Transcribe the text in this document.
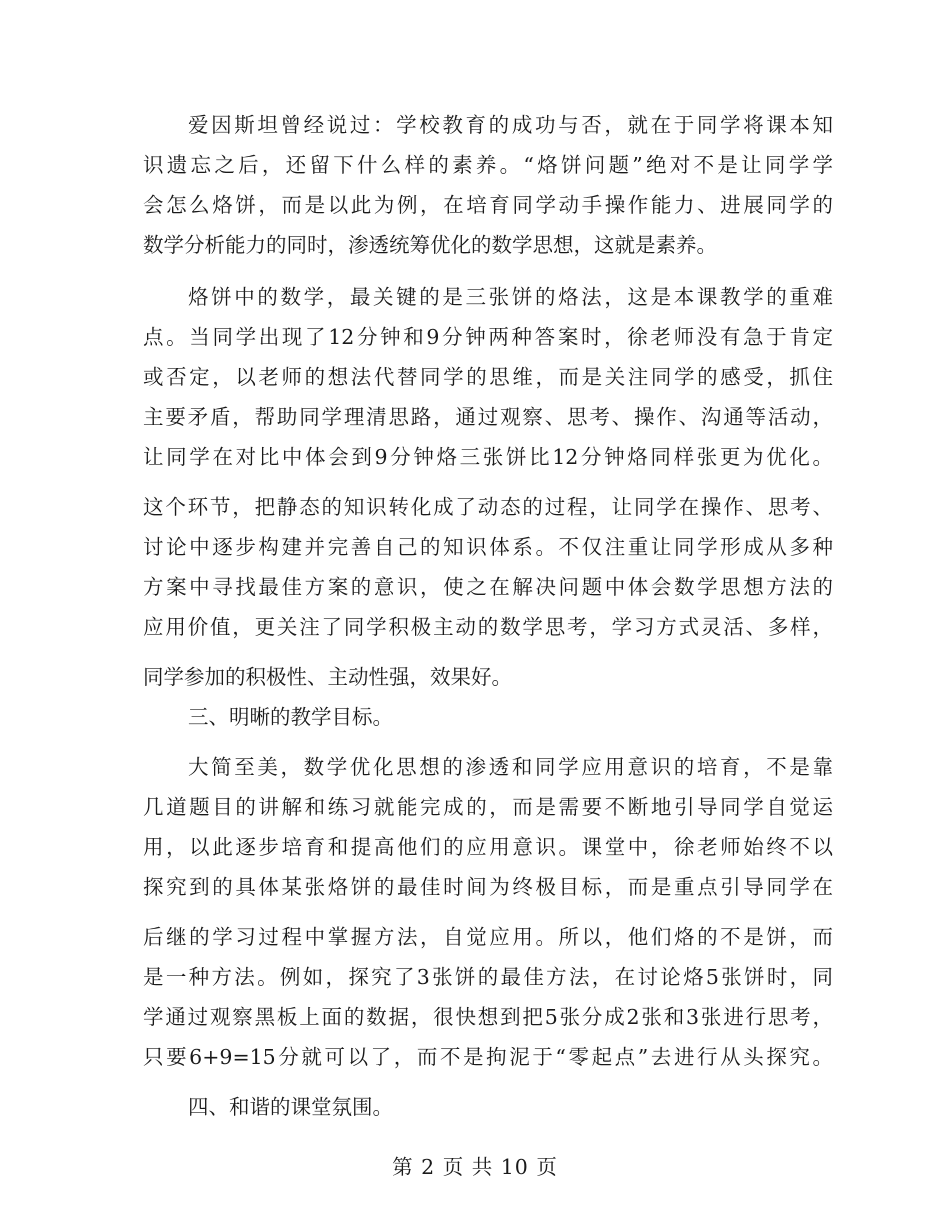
爱因斯坦曾经说过：学校教育的成功与否，就在于同学将课本知
识遗忘之后，还留下什么样的素养。“烙饼问题”绝对不是让同学学
会怎么烙饼，而是以此为例，在培育同学动手操作能力、进展同学的
数学分析能力的同时，渗透统筹优化的数学思想，这就是素养。
烙饼中的数学，最关键的是三张饼的烙法，这是本课教学的重难
点。当同学出现了12分钟和9分钟两种答案时，徐老师没有急于肯定
或否定，以老师的想法代替同学的思维，而是关注同学的感受，抓住
主要矛盾，帮助同学理清思路，通过观察、思考、操作、沟通等活动，
让同学在对比中体会到9分钟烙三张饼比12分钟烙同样张更为优化。
这个环节，把静态的知识转化成了动态的过程，让同学在操作、思考、
讨论中逐步构建并完善自己的知识体系。不仅注重让同学形成从多种
方案中寻找最佳方案的意识，使之在解决问题中体会数学思想方法的
应用价值，更关注了同学积极主动的数学思考，学习方式灵活、多样，
同学参加的积极性、主动性强，效果好。
三、明晰的教学目标。
大简至美，数学优化思想的渗透和同学应用意识的培育，不是靠
几道题目的讲解和练习就能完成的，而是需要不断地引导同学自觉运
用，以此逐步培育和提高他们的应用意识。课堂中，徐老师始终不以
探究到的具体某张烙饼的最佳时间为终极目标，而是重点引导同学在
后继的学习过程中掌握方法，自觉应用。所以，他们烙的不是饼，而
是一种方法。例如，探究了3张饼的最佳方法，在讨论烙5张饼时，同
学通过观察黑板上面的数据，很快想到把5张分成2张和3张进行思考，
只要6+9=15分就可以了，而不是拘泥于“零起点”去进行从头探究。
四、和谐的课堂氛围。
第 2 页 共 10 页
